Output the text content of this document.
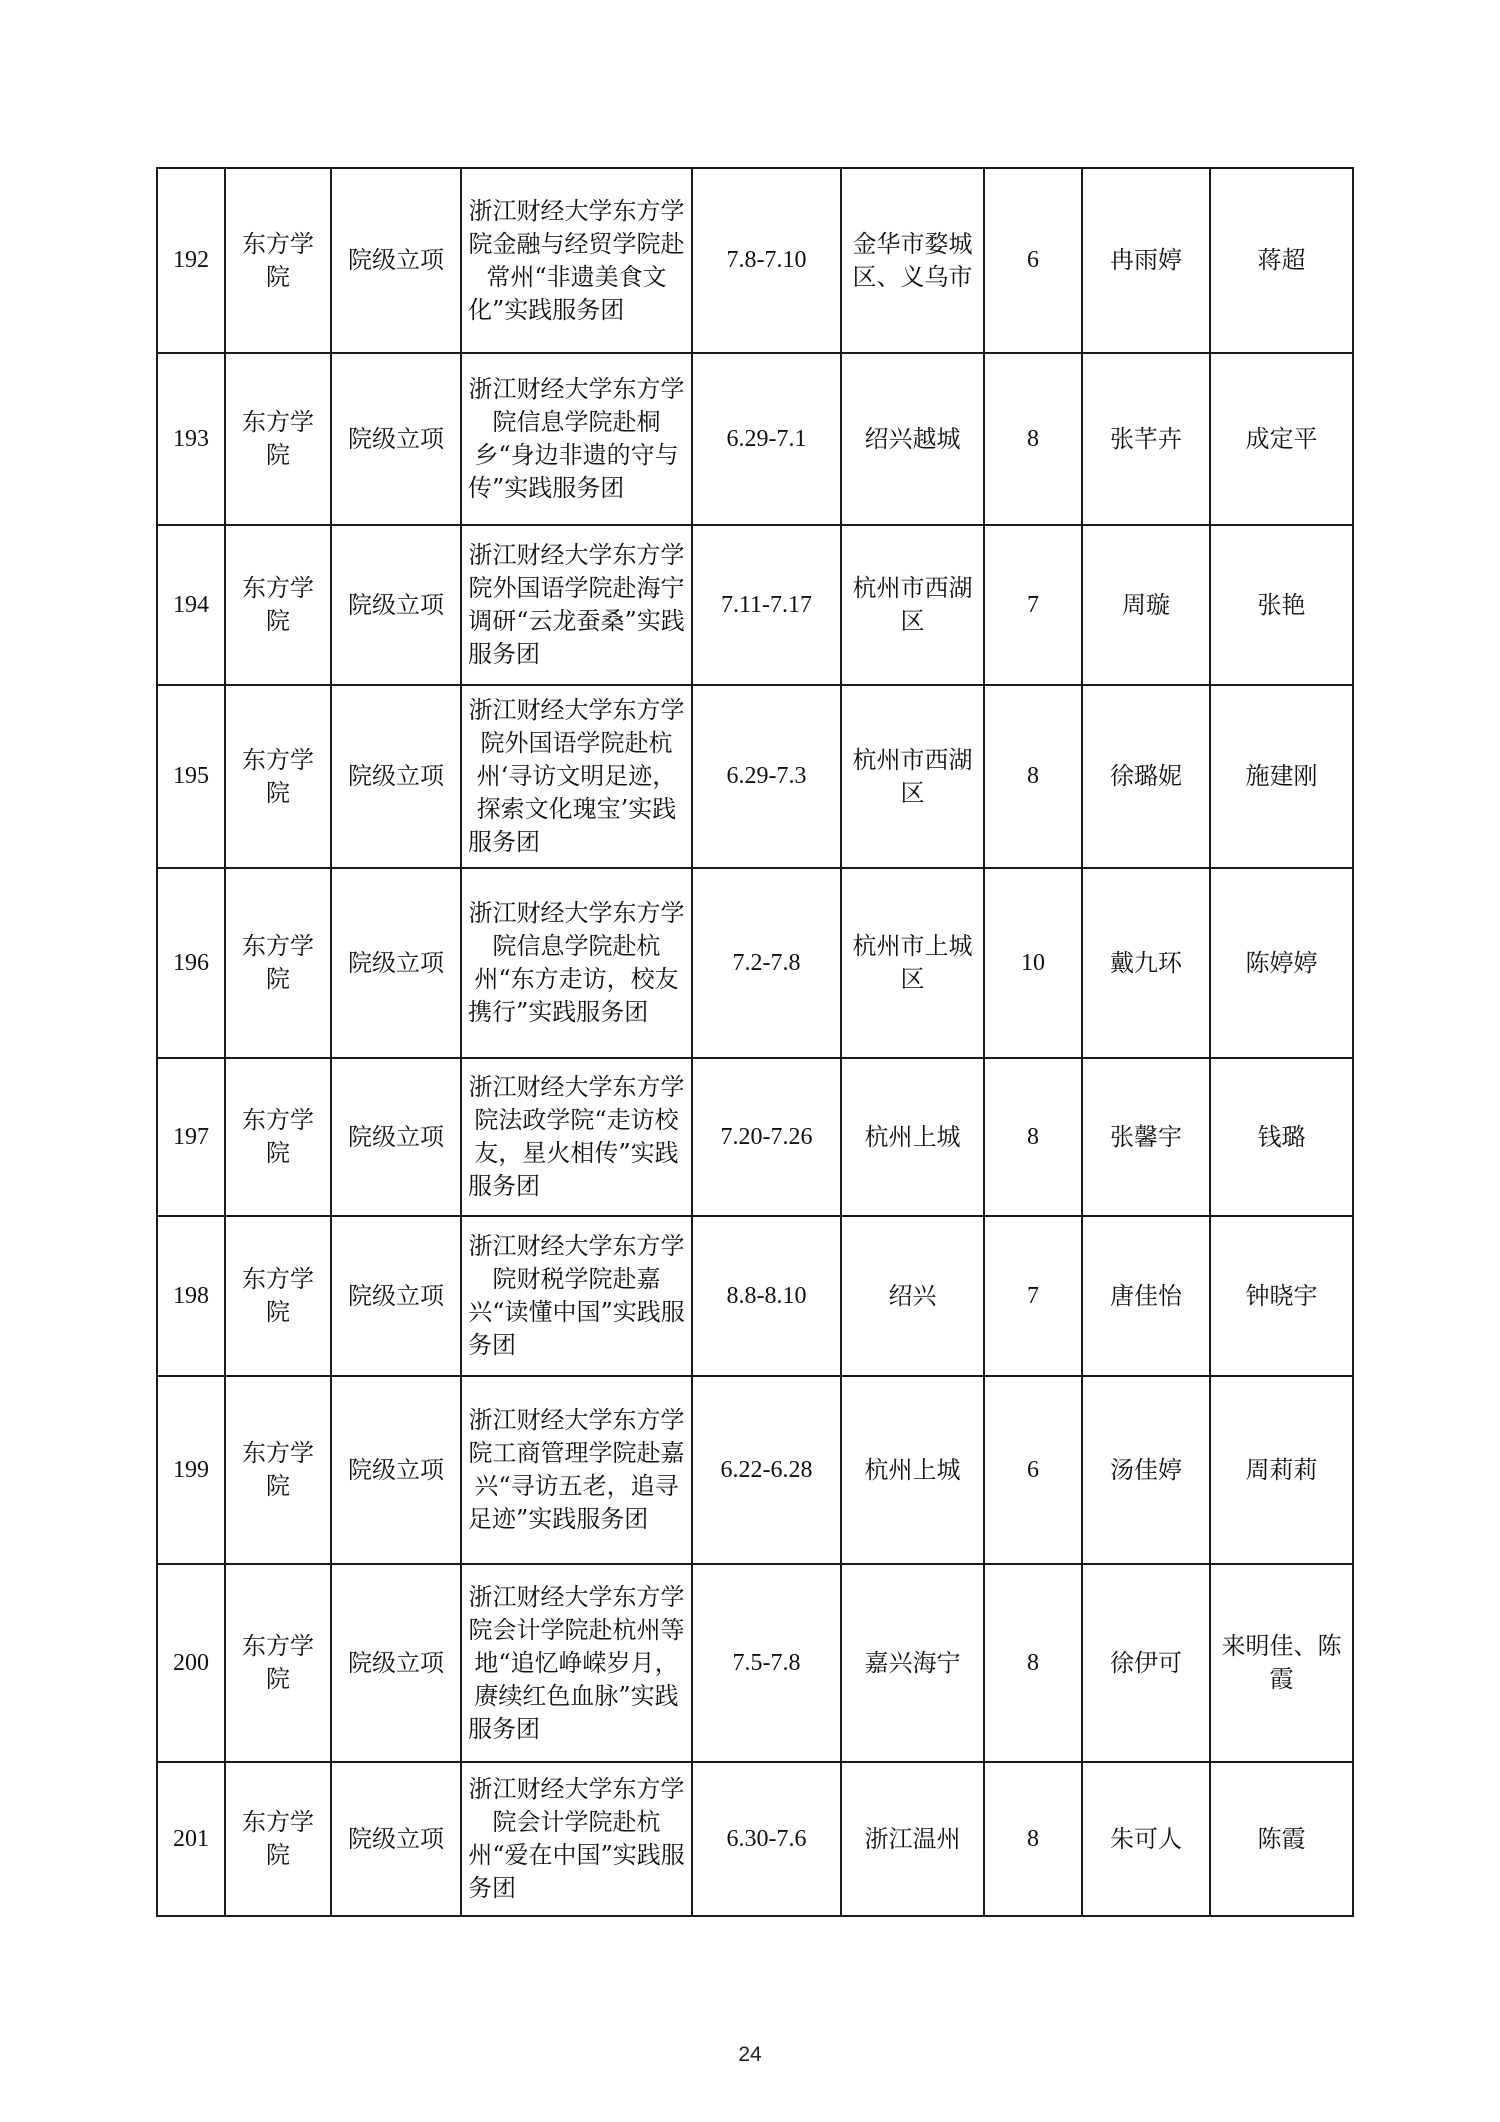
192	东方学院	院级立项	浙江财经大学东方学院金融与经贸学院赴常州“非遗美食文化”实践服务团	7.8-7.10	金华市婺城区、义乌市	6	冉雨婷	蒋超
193	东方学院	院级立项	浙江财经大学东方学院信息学院赴桐乡“身边非遗的守与传”实践服务团	6.29-7.1	绍兴越城	8	张芊卉	成定平
194	东方学院	院级立项	浙江财经大学东方学院外国语学院赴海宁调研“云龙蚕桑”实践服务团	7.11-7.17	杭州市西湖区	7	周璇	张艳
195	东方学院	院级立项	浙江财经大学东方学院外国语学院赴杭州‘寻访文明足迹，探索文化瑰宝’实践服务团	6.29-7.3	杭州市西湖区	8	徐璐妮	施建刚
196	东方学院	院级立项	浙江财经大学东方学院信息学院赴杭州“东方走访，校友携行”实践服务团	7.2-7.8	杭州市上城区	10	戴九环	陈婷婷
197	东方学院	院级立项	浙江财经大学东方学院法政学院“走访校友，星火相传”实践服务团	7.20-7.26	杭州上城	8	张馨宇	钱璐
198	东方学院	院级立项	浙江财经大学东方学院财税学院赴嘉兴“读懂中国”实践服务团	8.8-8.10	绍兴	7	唐佳怡	钟晓宇
199	东方学院	院级立项	浙江财经大学东方学院工商管理学院赴嘉兴“寻访五老，追寻足迹”实践服务团	6.22-6.28	杭州上城	6	汤佳婷	周莉莉
200	东方学院	院级立项	浙江财经大学东方学院会计学院赴杭州等地“追忆峥嵘岁月，赓续红色血脉”实践服务团	7.5-7.8	嘉兴海宁	8	徐伊可	来明佳、陈霞
201	东方学院	院级立项	浙江财经大学东方学院会计学院赴杭州“爱在中国”实践服务团	6.30-7.6	浙江温州	8	朱可人	陈霞
24
